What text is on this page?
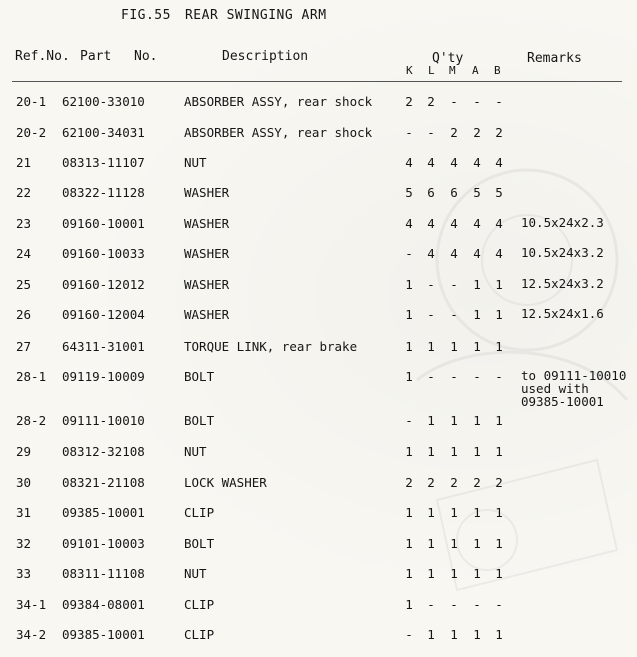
FIG.55 REAR SWINGING ARM
Ref.No. Part No.	Description	Q'ty	Remarks
K L M A B
20-1 62100-33010	ABSORBER ASSY, rear shock	2 2 - - -
20-2 62100-34031	ABSORBER ASSY, rear shock	- - 2 2 2
21 08313-11107	NUT	4 4 4 4 4
22 08322-11128	WASHER	5 6 6 5 5
23 09160-10001	WASHER	4 4 4 4 4 10.5x24x2.3
24 09160-10033	WASHER	- 4 4 4 4 10.5x24x3.2
25 09160-12012	WASHER	1 - - 1 1 12.5x24x3.2
26 09160-12004	WASHER	1 - - 1 1 12.5x24x1.6
27 64311-31001	TORQUE LINK, rear brake	1 1 1 1 1
28-1 09119-10009	BOLT	1 - - - - to 09111-10010
used with
09385-10001
28-2 09111-10010	BOLT	- 1 1 1 1
29 08312-32108	NUT	1 1 1 1 1
30 08321-21108	LOCK WASHER	2 2 2 2 2
31 09385-10001	CLIP	1 1 1 1 1
32 09101-10003	BOLT	1 1 1 1 1
33 08311-11108	NUT	1 1 1 1 1
34-1 09384-08001	CLIP	1 - - - -
34-2 09385-10001	CLIP	- 1 1 1 1
